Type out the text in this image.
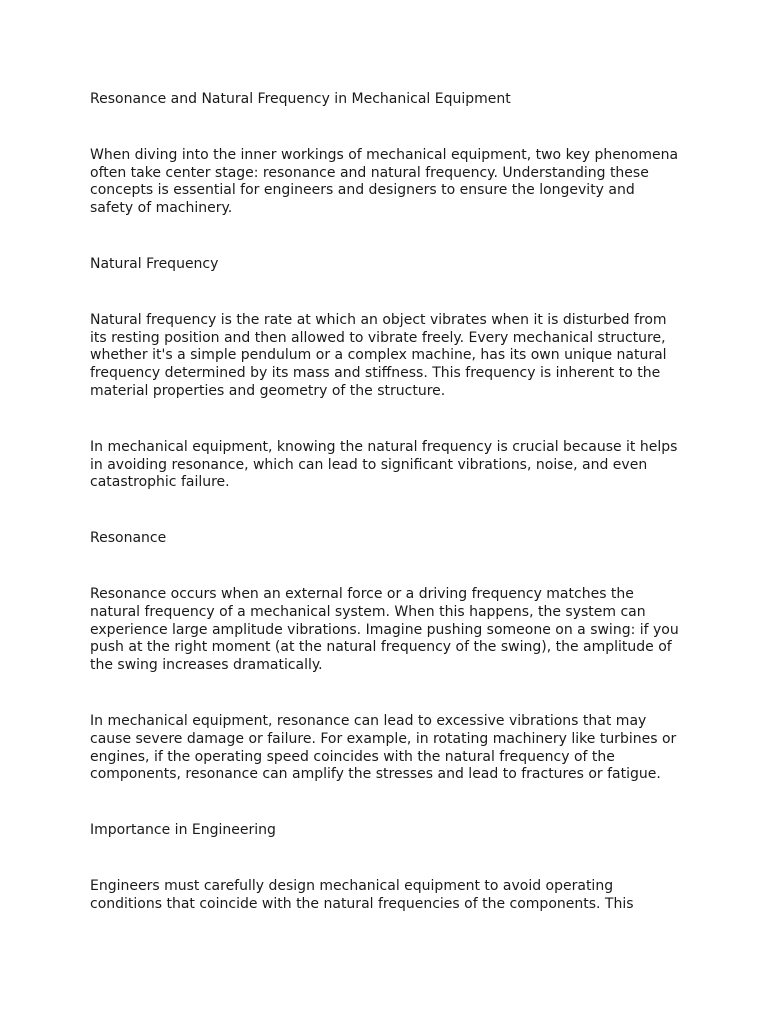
Resonance and Natural Frequency in Mechanical Equipment

When diving into the inner workings of mechanical equipment, two key phenomena often take center stage: resonance and natural frequency. Understanding these concepts is essential for engineers and designers to ensure the longevity and safety of machinery.

Natural Frequency

Natural frequency is the rate at which an object vibrates when it is disturbed from its resting position and then allowed to vibrate freely. Every mechanical structure, whether it's a simple pendulum or a complex machine, has its own unique natural frequency determined by its mass and stiffness. This frequency is inherent to the material properties and geometry of the structure.

In mechanical equipment, knowing the natural frequency is crucial because it helps in avoiding resonance, which can lead to significant vibrations, noise, and even catastrophic failure.

Resonance

Resonance occurs when an external force or a driving frequency matches the natural frequency of a mechanical system. When this happens, the system can experience large amplitude vibrations. Imagine pushing someone on a swing: if you push at the right moment (at the natural frequency of the swing), the amplitude of the swing increases dramatically.

In mechanical equipment, resonance can lead to excessive vibrations that may cause severe damage or failure. For example, in rotating machinery like turbines or engines, if the operating speed coincides with the natural frequency of the components, resonance can amplify the stresses and lead to fractures or fatigue.

Importance in Engineering

Engineers must carefully design mechanical equipment to avoid operating conditions that coincide with the natural frequencies of the components. This
